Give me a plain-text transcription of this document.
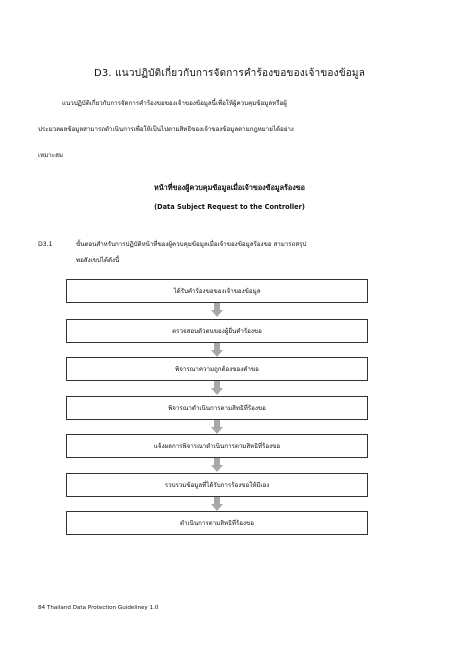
D3. แนวปฏิบัติเกี่ยวกับการจัดการคำร้องขอของเจ้าของข้อมูล
แนวปฏิบัติเกี่ยวกับการจัดการคำร้องขอของเจ้าของข้อมูลนี้เพื่อให้ผู้ควบคุมข้อมูลหรือผู้
ประมวลผลข้อมูลสามารถดำเนินการเพื่อให้เป็นไปตามสิทธิของเจ้าของข้อมูลตามกฎหมายได้อย่าง
เหมาะสม
หน้าที่ของผู้ควบคุมข้อมูลเมื่อเจ้าของข้อมูลร้องขอ
(Data Subject Request to the Controller)
D3.1	ขั้นตอนสำหรับการปฏิบัติหน้าที่ของผู้ควบคุมข้อมูลเมื่อเจ้าของข้อมูลร้องขอ สามารถสรุป
พอสังเขปได้ดังนี้
ได้รับคำร้องขอของเจ้าของข้อมูล
ตรวจสอบตัวตนของผู้ยื่นคำร้องขอ
พิจารณาความถูกต้องของคำขอ
พิจารณาดำเนินการตามสิทธิที่ร้องขอ
แจ้งผลการพิจารณาดำเนินการตามสิทธิที่ร้องขอ
รวบรวมข้อมูลที่ได้รับการร้องขอให้มีเอง
ดำเนินการตามสิทธิที่ร้องขอ
84 Thailand Data Protection Guideliney 1.0
